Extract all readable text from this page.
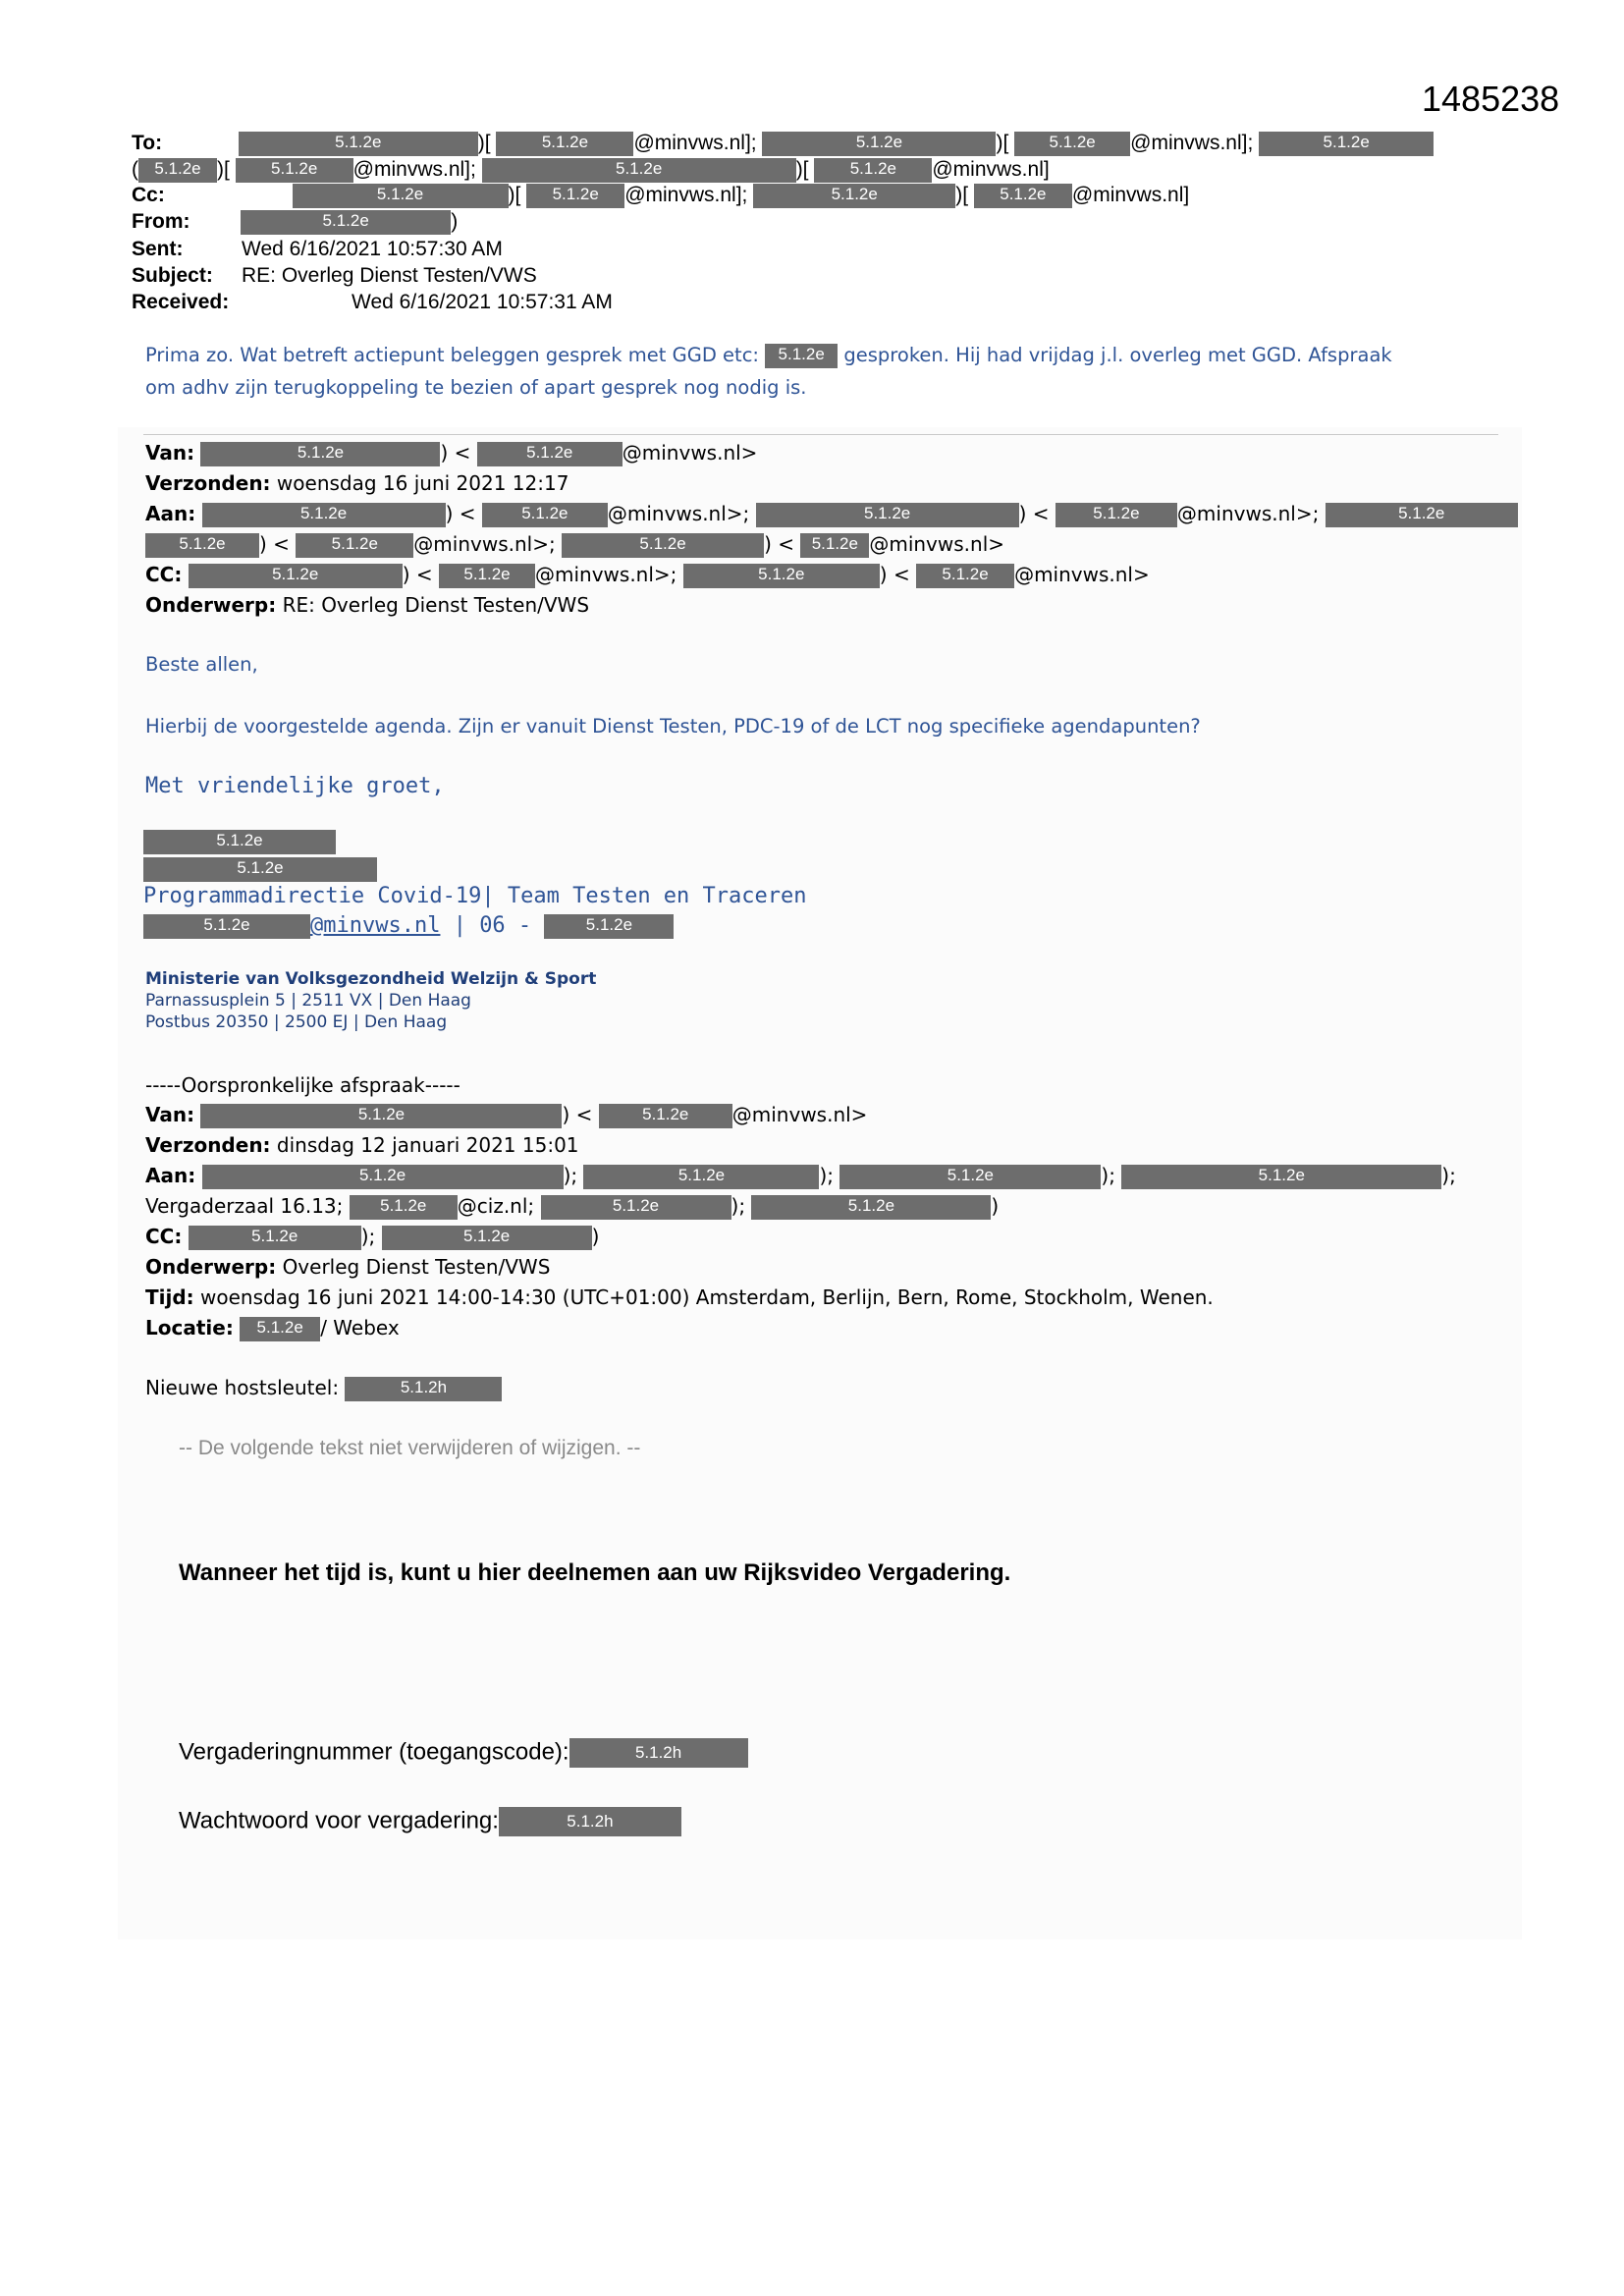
1485238
To:	5.1.2e	)[	5.1.2e @minvws.nl];	5.1.2e	)[ 5.1.2e @minvws.nl];	5.1.2e
( 5.1.2e )[ 5.1.2e @minvws.nl];	5.1.2e	)[ 5.1.2e @minvws.nl]
Cc:	5.1.2e	)[ 5.1.2e @minvws.nl];	5.1.2e	)[ 5.1.2e @minvws.nl]
From:	5.1.2e	)
Sent:	Wed 6/16/2021 10:57:30 AM
Subject: RE: Overleg Dienst Testen/VWS
Received:	Wed 6/16/2021 10:57:31 AM
Prima zo. Wat betreft actiepunt beleggen gesprek met GGD etc: 5.1.2e gesproken. Hij had vrijdag j.l. overleg met GGD. Afspraak
om adhv zijn terugkoppeling te bezien of apart gesprek nog nodig is.
Van:	5.1.2e	) <	5.1.2e	@minvws.nl>
Verzonden: woensdag 16 juni 2021 12:17
Aan:	5.1.2e	) < 5.1.2e @minvws.nl>;	5.1.2e	) < 5.1.2e @minvws.nl>;	5.1.2e
5.1.2e ) < 5.1.2e @minvws.nl>;	5.1.2e	) < 5.1.2e @minvws.nl>
CC:	5.1.2e	) < 5.1.2e @minvws.nl>;	5.1.2e	) < 5.1.2e @minvws.nl>
Onderwerp: RE: Overleg Dienst Testen/VWS
Beste allen,
Hierbij de voorgestelde agenda. Zijn er vanuit Dienst Testen, PDC-19 of de LCT nog specifieke agendapunten?
Met vriendelijke groet,
5.1.2e
5.1.2e
Programmadirectie Covid-19| Team Testen en Traceren
5.1.2e	@minvws.nl | 06 -	5.1.2e
Ministerie van Volksgezondheid Welzijn & Sport
Parnassusplein 5 | 2511 VX | Den Haag
Postbus 20350 | 2500 EJ | Den Haag
-----Oorspronkelijke afspraak-----
Van:	5.1.2e	) <	5.1.2e @minvws.nl>
Verzonden: dinsdag 12 januari 2021 15:01
Aan:	5.1.2e	);	5.1.2e	);	5.1.2e	);	5.1.2e	);
Vergaderzaal 16.13; 5.1.2e @ciz.nl;	5.1.2e	);	5.1.2e	)
CC:	5.1.2e	);	5.1.2e	)
Onderwerp: Overleg Dienst Testen/VWS
Tijd: woensdag 16 juni 2021 14:00-14:30 (UTC+01:00) Amsterdam, Berlijn, Bern, Rome, Stockholm, Wenen.
Locatie: 5.1.2e / Webex
Nieuwe hostsleutel:	5.1.2h
-- De volgende tekst niet verwijderen of wijzigen. --
Wanneer het tijd is, kunt u hier deelnemen aan uw Rijksvideo Vergadering.
Vergaderingnummer (toegangscode):	5.1.2h
Wachtwoord voor vergadering:	5.1.2h
